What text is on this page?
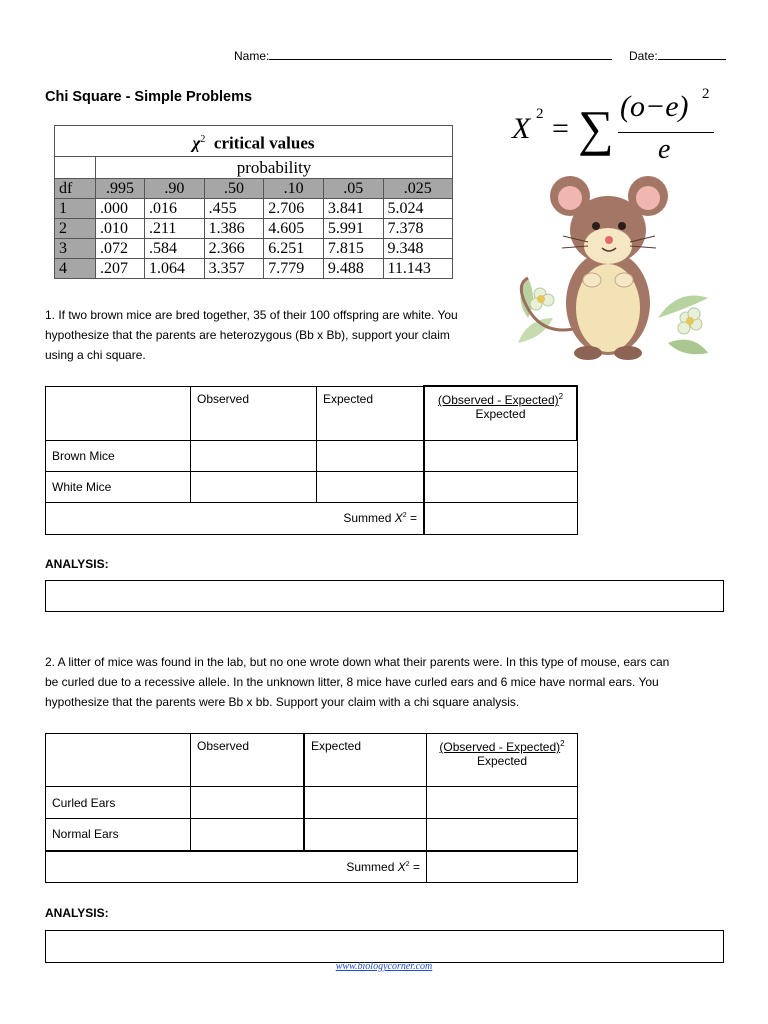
Name:	Date:
Chi Square - Simple Problems
$\chi^2$ critical values						
	probability					
df	.995	.90	.50	.10	.05	.025
1	.000	.016	.455	2.706	3.841	5.024
2	.010	.211	1.386	4.605	5.991	7.378
3	.072	.584	2.366	6.251	7.815	9.348
4	.207	1.064	3.357	7.779	9.488	11.143
X 2 = ∑ (o−e) 2
e
1. If two brown mice are bred together, 35 of their 100 offspring are white. You
hypothesize that the parents are heterozygous (Bb x Bb), support your claim
using a chi square.
	Observed	Expected	(Observed - Expected)$^2$
Expected
Brown Mice			
White Mice			
Summed $X^2$ =			
ANALYSIS:
2. A litter of mice was found in the lab, but no one wrote down what their parents were. In this type of mouse, ears can
be curled due to a recessive allele. In the unknown litter, 8 mice have curled ears and 6 mice have normal ears. You
hypothesize that the parents were Bb x bb. Support your claim with a chi square analysis.
	Observed	Expected	(Observed - Expected)$^2$
Expected
Curled Ears			
Normal Ears			
Summed $X^2$ =			
ANALYSIS:
www.biologycorner.com
